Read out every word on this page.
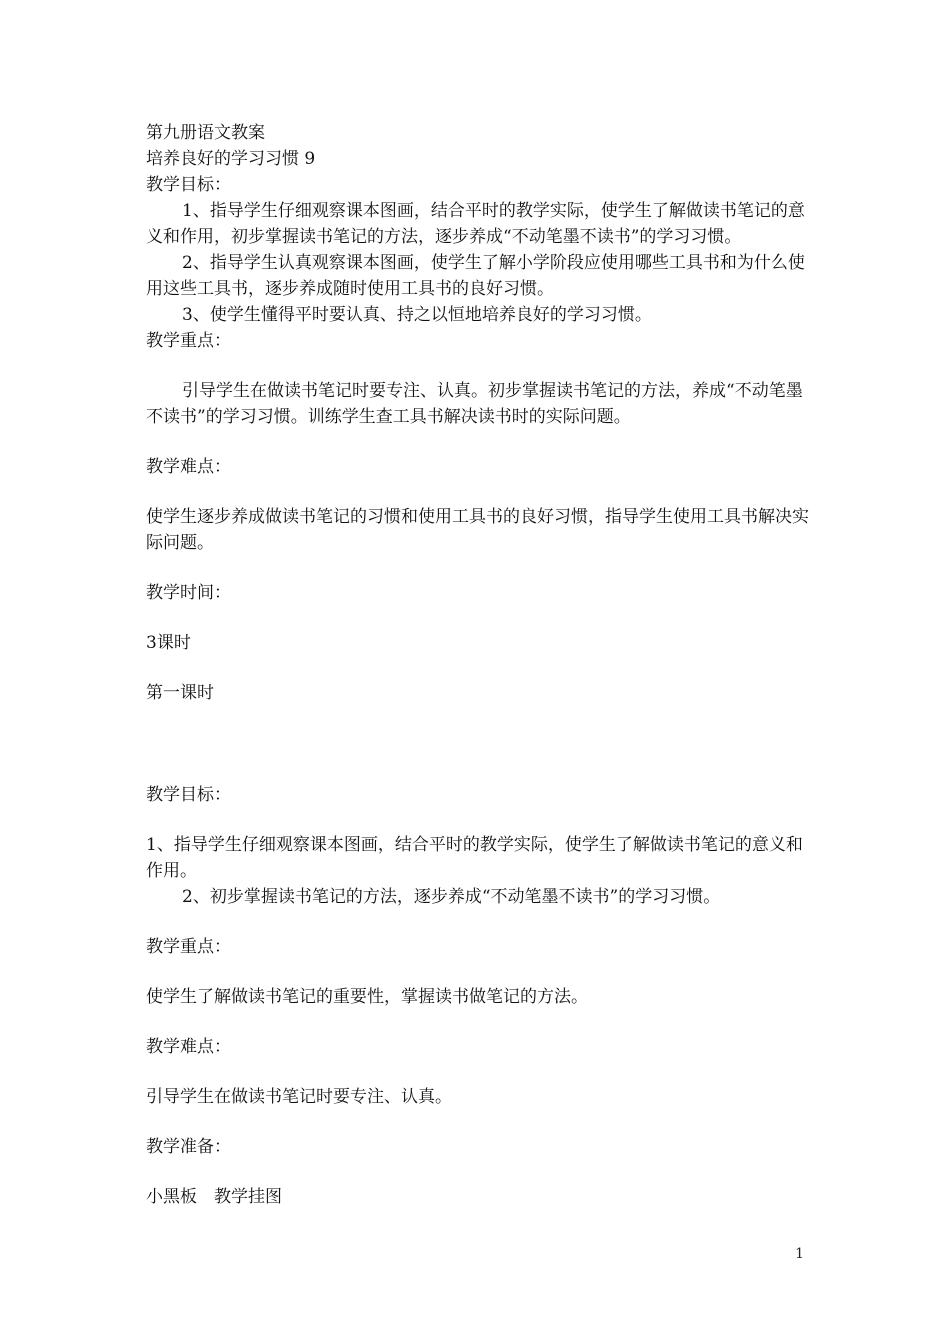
第九册语文教案

培养良好的学习习惯 9

教学目标：

1、指导学生仔细观察课本图画，结合平时的教学实际，使学生了解做读书笔记的意义和作用，初步掌握读书笔记的方法，逐步养成“不动笔墨不读书”的学习习惯。

2、指导学生认真观察课本图画，使学生了解小学阶段应使用哪些工具书和为什么使用这些工具书，逐步养成随时使用工具书的良好习惯。

3、使学生懂得平时要认真、持之以恒地培养良好的学习习惯。

教学重点：

引导学生在做读书笔记时要专注、认真。初步掌握读书笔记的方法，养成“不动笔墨不读书”的学习习惯。训练学生查工具书解决读书时的实际问题。

教学难点：

使学生逐步养成做读书笔记的习惯和使用工具书的良好习惯，指导学生使用工具书解决实际问题。

教学时间：

3课时

第一课时

教学目标：

1、指导学生仔细观察课本图画，结合平时的教学实际，使学生了解做读书笔记的意义和作用。

2、初步掌握读书笔记的方法，逐步养成“不动笔墨不读书”的学习习惯。

教学重点：

使学生了解做读书笔记的重要性，掌握读书做笔记的方法。

教学难点：

引导学生在做读书笔记时要专注、认真。

教学准备：

小黑板　教学挂图

1
